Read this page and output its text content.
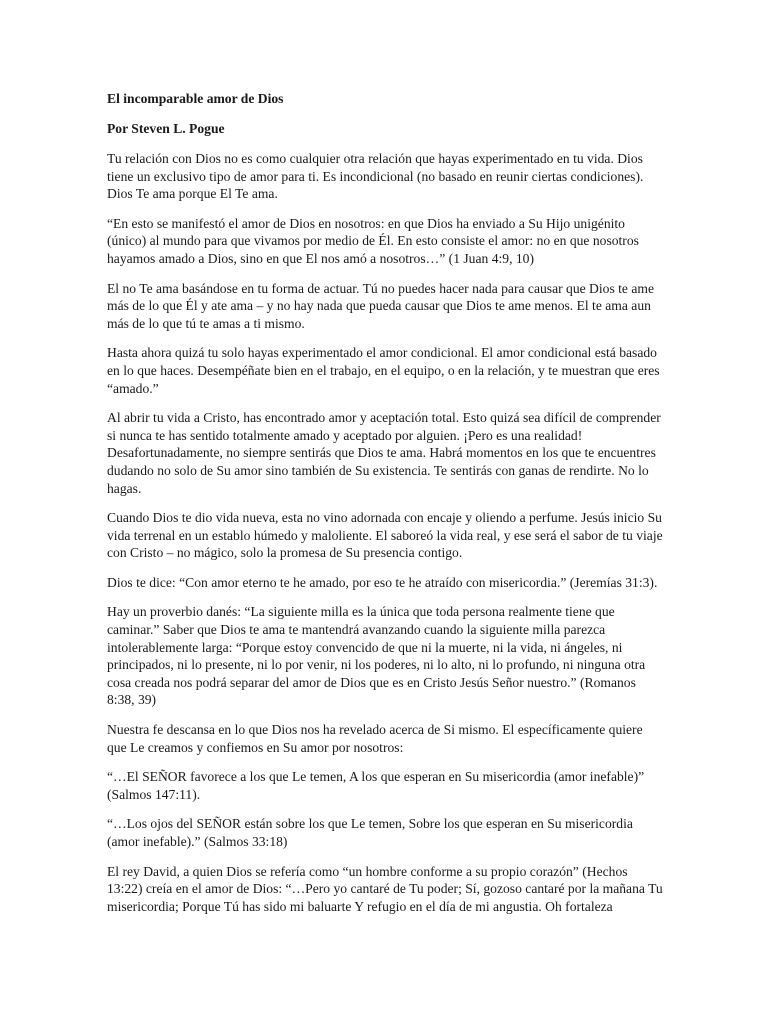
El incomparable amor de Dios
Por Steven L. Pogue

Tu relación con Dios no es como cualquier otra relación que hayas experimentado en tu vida. Dios tiene un exclusivo tipo de amor para ti. Es incondicional (no basado en reunir ciertas condiciones). Dios Te ama porque El Te ama.

“En esto se manifestó el amor de Dios en nosotros: en que Dios ha enviado a Su Hijo unigénito (único) al mundo para que vivamos por medio de Él. En esto consiste el amor: no en que nosotros hayamos amado a Dios, sino en que El nos amó a nosotros…” (1 Juan 4:9, 10)

El no Te ama basándose en tu forma de actuar. Tú no puedes hacer nada para causar que Dios te ame más de lo que Él y ate ama – y no hay nada que pueda causar que Dios te ame menos. El te ama aun más de lo que tú te amas a ti mismo.

Hasta ahora quizá tu solo hayas experimentado el amor condicional. El amor condicional está basado en lo que haces. Desempéñate bien en el trabajo, en el equipo, o en la relación, y te muestran que eres “amado.”

Al abrir tu vida a Cristo, has encontrado amor y aceptación total. Esto quizá sea difícil de comprender si nunca te has sentido totalmente amado y aceptado por alguien. ¡Pero es una realidad! Desafortunadamente, no siempre sentirás que Dios te ama. Habrá momentos en los que te encuentres dudando no solo de Su amor sino también de Su existencia. Te sentirás con ganas de rendirte. No lo hagas.

Cuando Dios te dio vida nueva, esta no vino adornada con encaje y oliendo a perfume. Jesús inicio Su vida terrenal en un establo húmedo y maloliente. El saboreó la vida real, y ese será el sabor de tu viaje con Cristo – no mágico, solo la promesa de Su presencia contigo.

Dios te dice: “Con amor eterno te he amado, por eso te he atraído con misericordia.” (Jeremías 31:3).

Hay un proverbio danés: “La siguiente milla es la única que toda persona realmente tiene que caminar.” Saber que Dios te ama te mantendrá avanzando cuando la siguiente milla parezca intolerablemente larga: “Porque estoy convencido de que ni la muerte, ni la vida, ni ángeles, ni principados, ni lo presente, ni lo por venir, ni los poderes, ni lo alto, ni lo profundo, ni ninguna otra cosa creada nos podrá separar del amor de Dios que es en Cristo Jesús Señor nuestro.” (Romanos 8:38, 39)

Nuestra fe descansa en lo que Dios nos ha revelado acerca de Si mismo. El específicamente quiere que Le creamos y confiemos en Su amor por nosotros:

“…El SEÑOR favorece a los que Le temen, A los que esperan en Su misericordia (amor inefable)” (Salmos 147:11).

“…Los ojos del SEÑOR están sobre los que Le temen, Sobre los que esperan en Su misericordia (amor inefable).” (Salmos 33:18)

El rey David, a quien Dios se refería como “un hombre conforme a su propio corazón” (Hechos 13:22) creía en el amor de Dios: “…Pero yo cantaré de Tu poder; Sí, gozoso cantaré por la mañana Tu misericordia; Porque Tú has sido mi baluarte Y refugio en el día de mi angustia. Oh fortaleza
